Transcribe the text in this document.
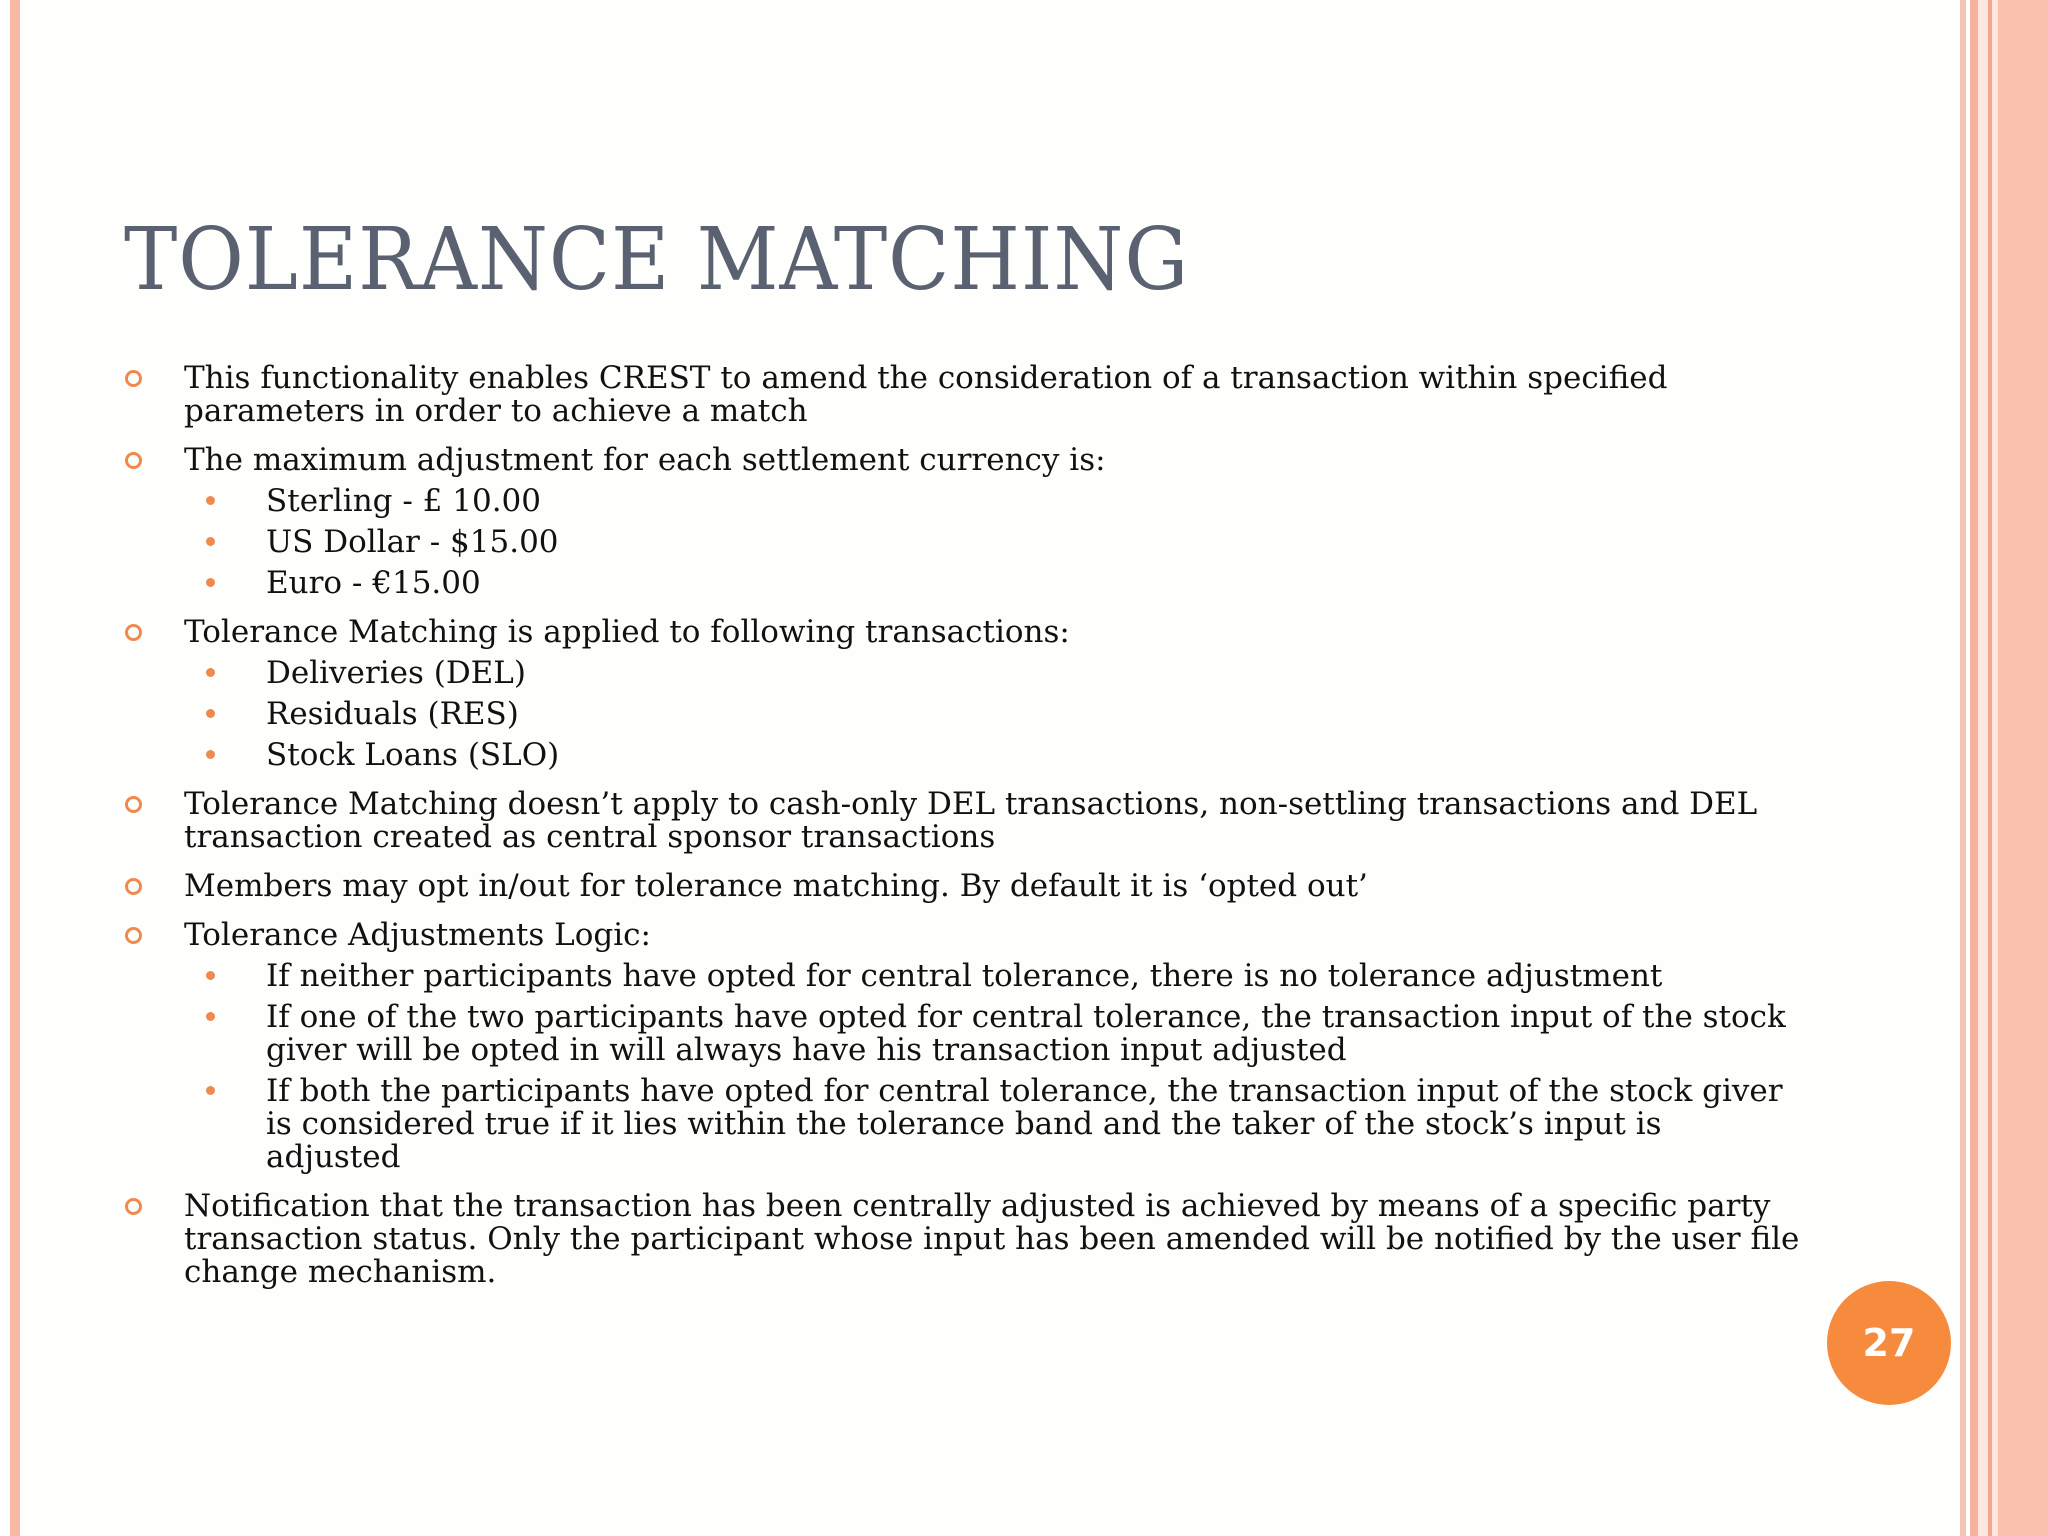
TOLERANCE MATCHING
This functionality enables CREST to amend the consideration of a transaction within specified parameters in order to achieve a match
The maximum adjustment for each settlement currency is:
Sterling - £ 10.00
US Dollar - $15.00
Euro - €15.00
Tolerance Matching is applied to following transactions:
Deliveries (DEL)
Residuals (RES)
Stock Loans (SLO)
Tolerance Matching doesn’t apply to cash-only DEL transactions, non-settling transactions and DEL transaction created as central sponsor transactions
Members may opt in/out for tolerance matching. By default it is ‘opted out’
Tolerance Adjustments Logic:
If neither participants have opted for central tolerance, there is no tolerance adjustment
If one of the two participants have opted for central tolerance, the transaction input of the stock giver will be opted in will always have his transaction input adjusted
If both the participants have opted for central tolerance, the transaction input of the stock giver is considered true if it lies within the tolerance band and the taker of the stock’s input is adjusted
Notification that the transaction has been centrally adjusted is achieved by means of a specific party transaction status. Only the participant whose input has been amended will be notified by the user file change mechanism.
27
